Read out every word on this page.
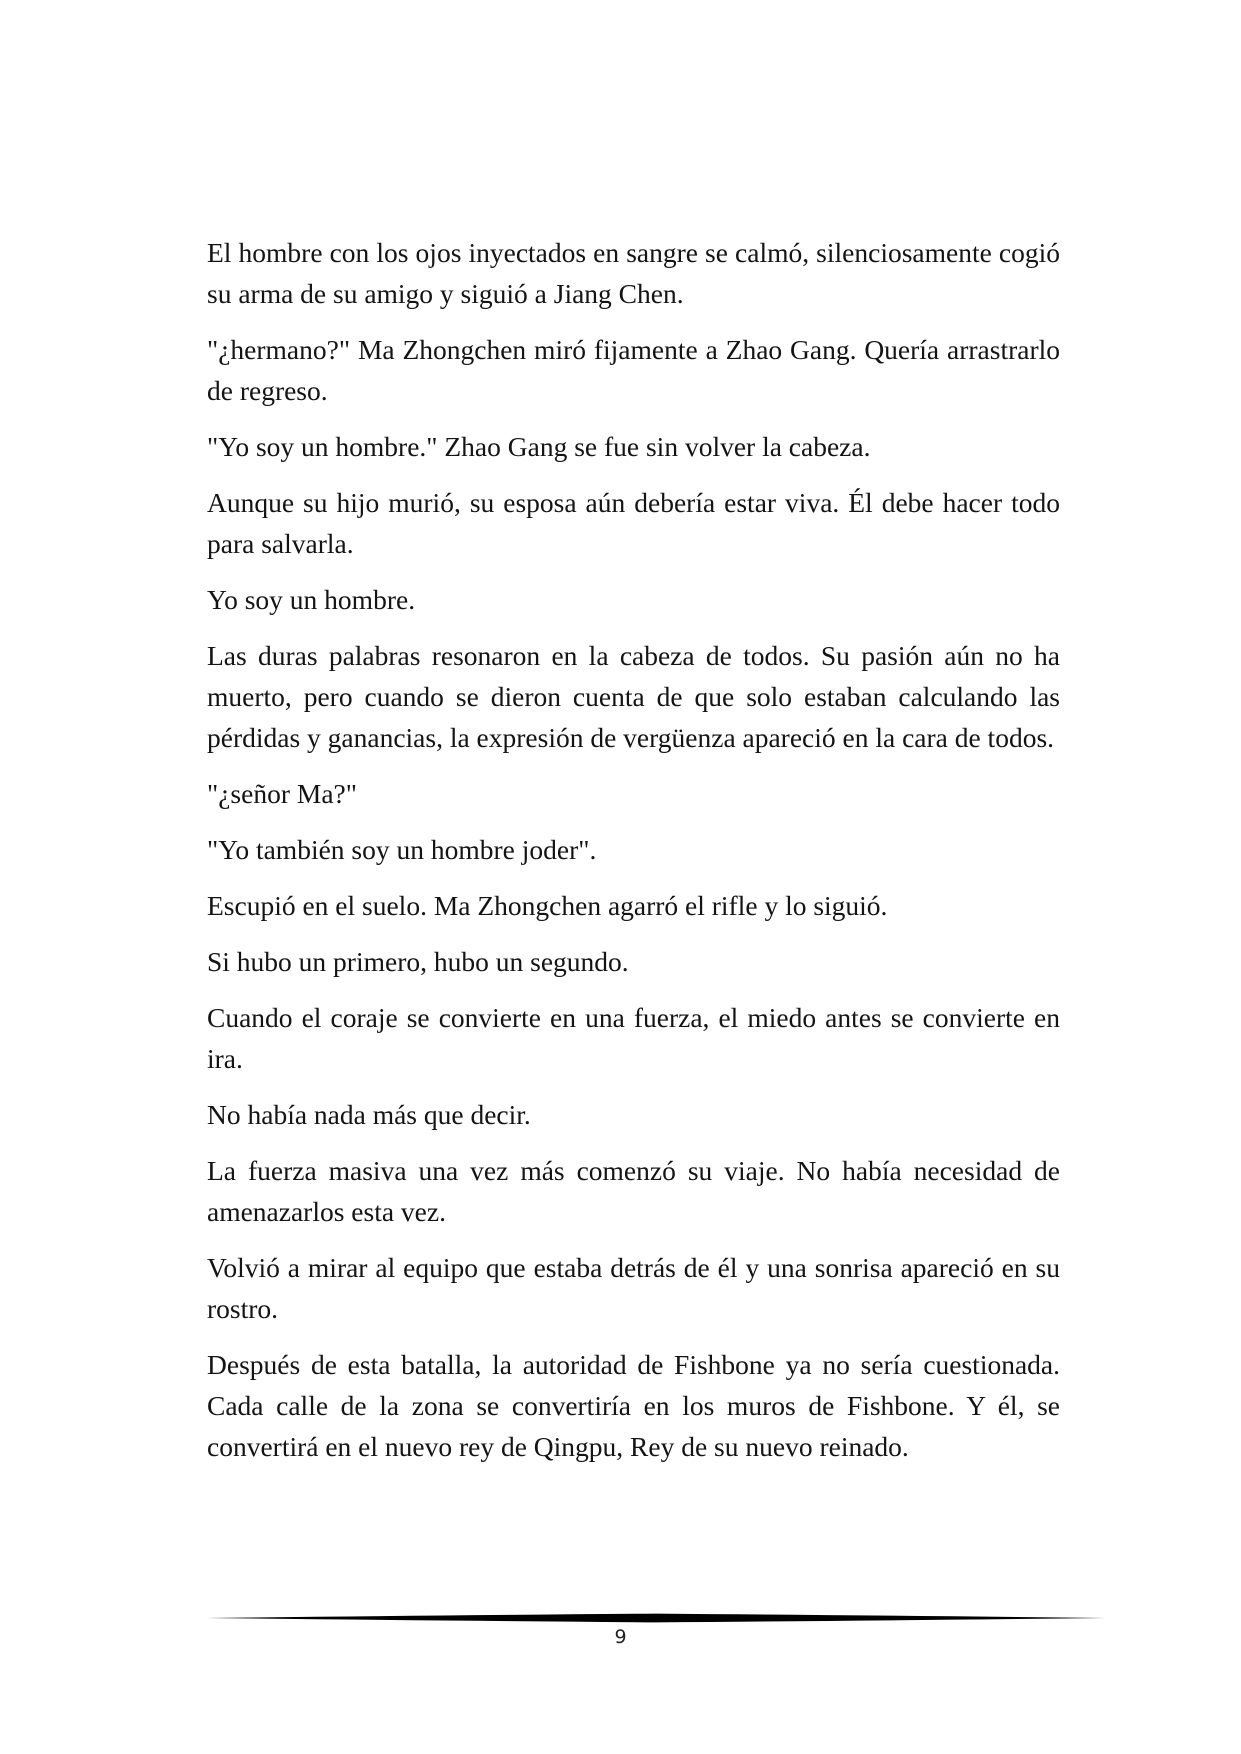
El hombre con los ojos inyectados en sangre se calmó, silenciosamente cogió su arma de su amigo y siguió a Jiang Chen.

"¿hermano?" Ma Zhongchen miró fijamente a Zhao Gang. Quería arrastrarlo de regreso.

"Yo soy un hombre." Zhao Gang se fue sin volver la cabeza.

Aunque su hijo murió, su esposa aún debería estar viva. Él debe hacer todo para salvarla.

Yo soy un hombre.

Las duras palabras resonaron en la cabeza de todos. Su pasión aún no ha muerto, pero cuando se dieron cuenta de que solo estaban calculando las pérdidas y ganancias, la expresión de vergüenza apareció en la cara de todos.

"¿señor Ma?"

"Yo también soy un hombre joder".

Escupió en el suelo. Ma Zhongchen agarró el rifle y lo siguió.

Si hubo un primero, hubo un segundo.

Cuando el coraje se convierte en una fuerza, el miedo antes se convierte en ira.

No había nada más que decir.

La fuerza masiva una vez más comenzó su viaje. No había necesidad de amenazarlos esta vez.

Volvió a mirar al equipo que estaba detrás de él y una sonrisa apareció en su rostro.

Después de esta batalla, la autoridad de Fishbone ya no sería cuestionada. Cada calle de la zona se convertiría en los muros de Fishbone. Y él, se convertirá en el nuevo rey de Qingpu, Rey de su nuevo reinado.

9
